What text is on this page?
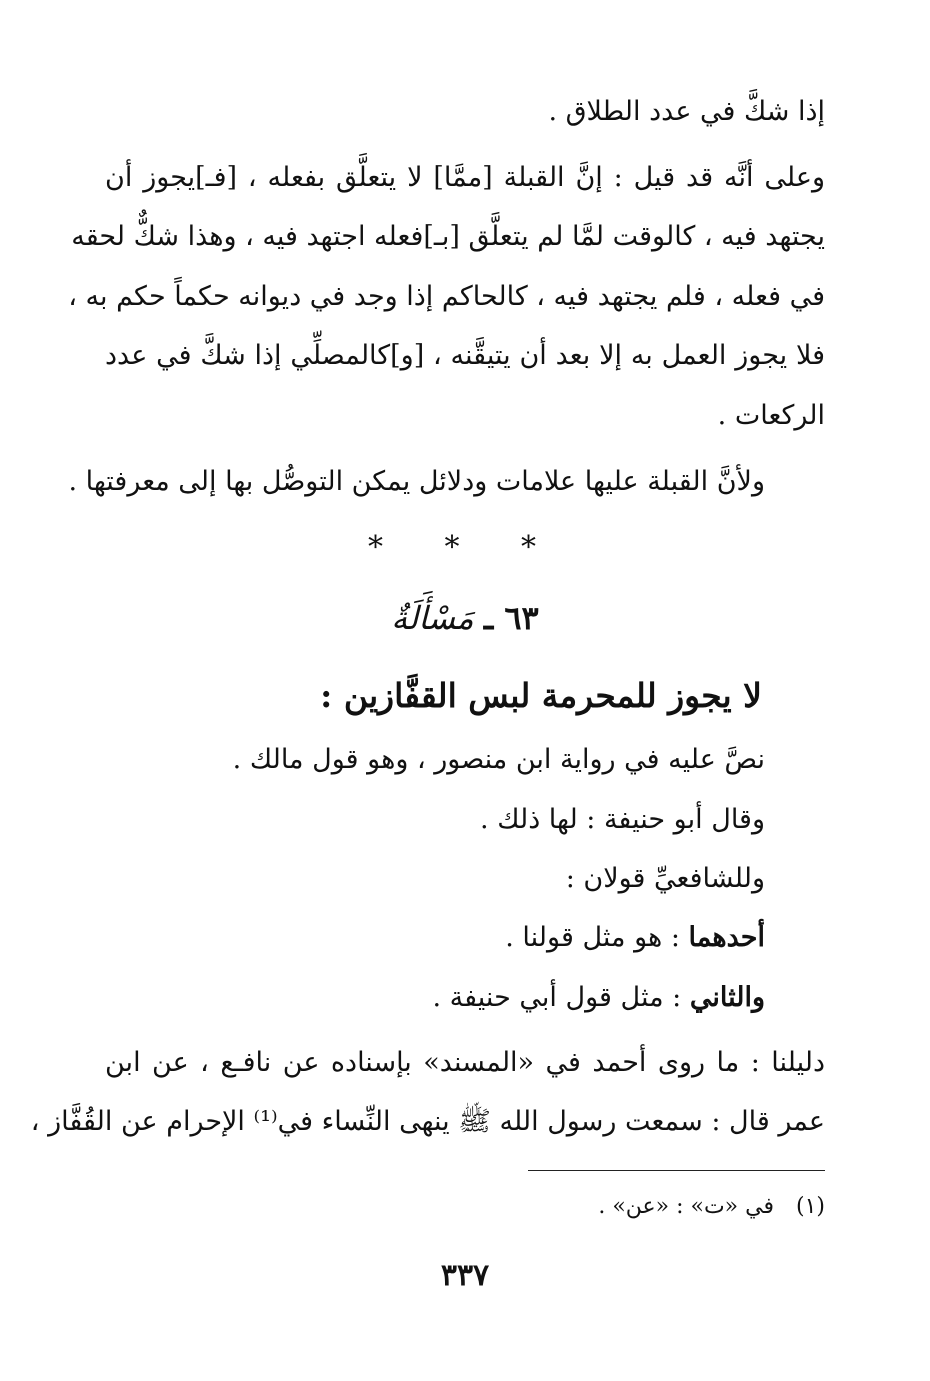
إذا شكَّ في عدد الطلاق .
وعلى أنَّه قد قيل : إنَّ القبلة [ممَّا] لا يتعلَّق بفعله ، [فـ]يجوز أن
يجتهد فيه ، كالوقت لمَّا لم يتعلَّق [بـ]فعله اجتهد فيه ، وهذا شكٌّ لحقه
في فعله ، فلم يجتهد فيه ، كالحاكم إذا وجد في ديوانه حكماً حكم به ،
فلا يجوز العمل به إلا بعد أن يتيقَّنه ، [و]كالمصلِّي إذا شكَّ في عدد
الركعات .
ولأنَّ القبلة عليها علامات ودلائل يمكن التوصُّل بها إلى معرفتها .
* * *
٦٣ ـ مَسْأَلَةٌ
لا يجوز للمحرمة لبس القفَّازين :
نصَّ عليه في رواية ابن منصور ، وهو قول مالك .
وقال أبو حنيفة : لها ذلك .
وللشافعيِّ قولان :
أحدهما : هو مثل قولنا .
والثاني : مثل قول أبي حنيفة .
دليلنا : ما روى أحمد في «المسند» بإسناده عن نافـع ، عن ابن
عمر قال : سمعت رسول الله ﷺ ينهى النِّساء في⁽¹⁾ الإحرام عن القُفَّاز ،
(١)في «ت» : «عن» .
٣٣٧
